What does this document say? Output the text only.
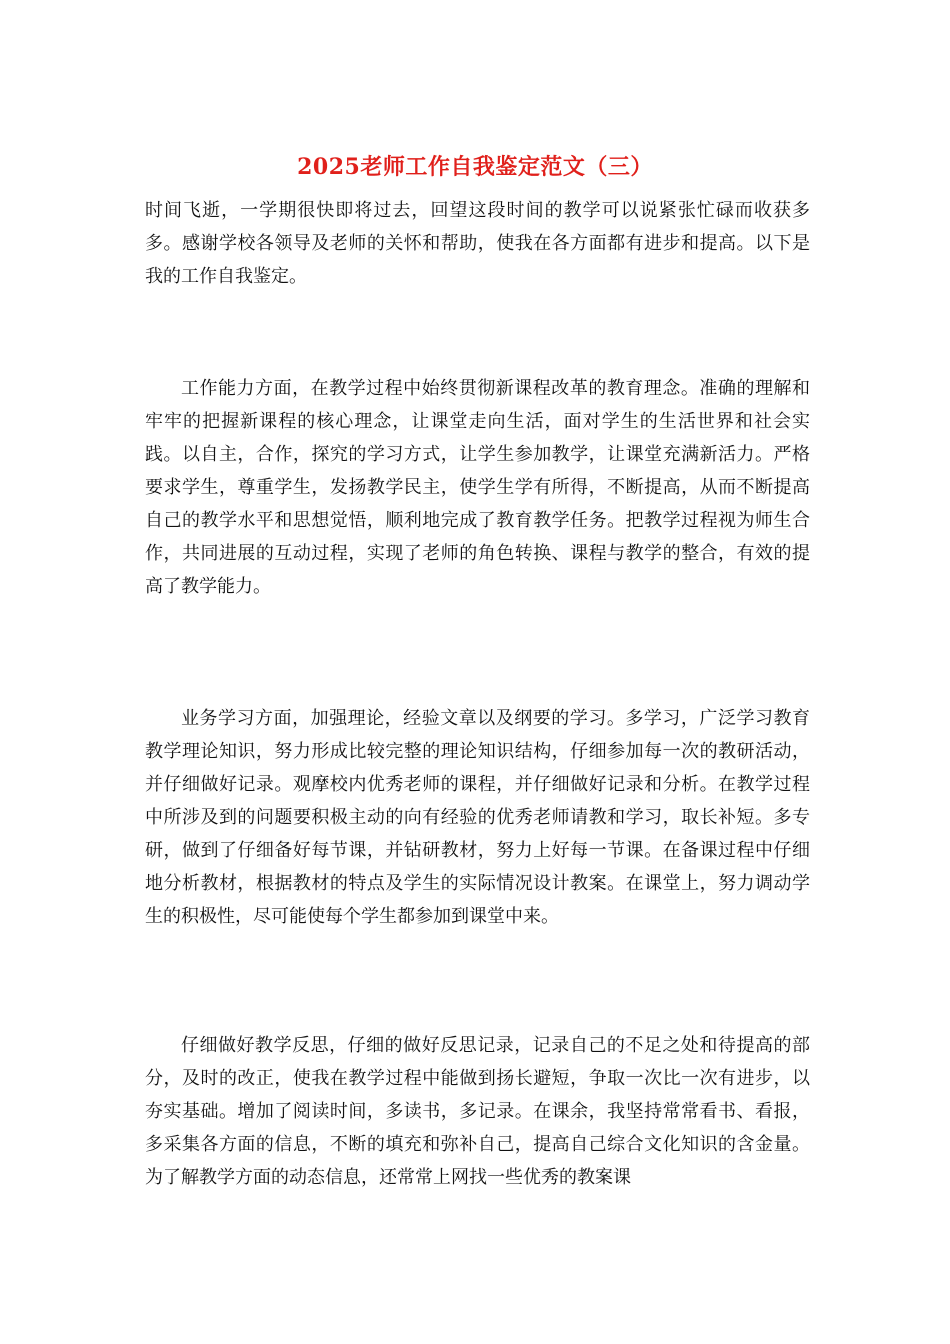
2025老师工作自我鉴定范文（三）

时间飞逝，一学期很快即将过去，回望这段时间的教学可以说紧张忙碌而收获多多。感谢学校各领导及老师的关怀和帮助，使我在各方面都有进步和提高。以下是我的工作自我鉴定。

工作能力方面，在教学过程中始终贯彻新课程改革的教育理念。准确的理解和牢牢的把握新课程的核心理念，让课堂走向生活，面对学生的生活世界和社会实践。以自主，合作，探究的学习方式，让学生参加教学，让课堂充满新活力。严格要求学生，尊重学生，发扬教学民主，使学生学有所得，不断提高，从而不断提高自己的教学水平和思想觉悟，顺利地完成了教育教学任务。把教学过程视为师生合作，共同进展的互动过程，实现了老师的角色转换、课程与教学的整合，有效的提高了教学能力。

业务学习方面，加强理论，经验文章以及纲要的学习。多学习，广泛学习教育教学理论知识，努力形成比较完整的理论知识结构，仔细参加每一次的教研活动，并仔细做好记录。观摩校内优秀老师的课程，并仔细做好记录和分析。在教学过程中所涉及到的问题要积极主动的向有经验的优秀老师请教和学习，取长补短。多专研，做到了仔细备好每节课，并钻研教材，努力上好每一节课。在备课过程中仔细地分析教材，根据教材的特点及学生的实际情况设计教案。在课堂上，努力调动学生的积极性，尽可能使每个学生都参加到课堂中来。

仔细做好教学反思，仔细的做好反思记录，记录自己的不足之处和待提高的部分，及时的改正，使我在教学过程中能做到扬长避短，争取一次比一次有进步，以夯实基础。增加了阅读时间，多读书，多记录。在课余，我坚持常常看书、看报，多采集各方面的信息，不断的填充和弥补自己，提高自己综合文化知识的含金量。为了解教学方面的动态信息，还常常上网找一些优秀的教案课
